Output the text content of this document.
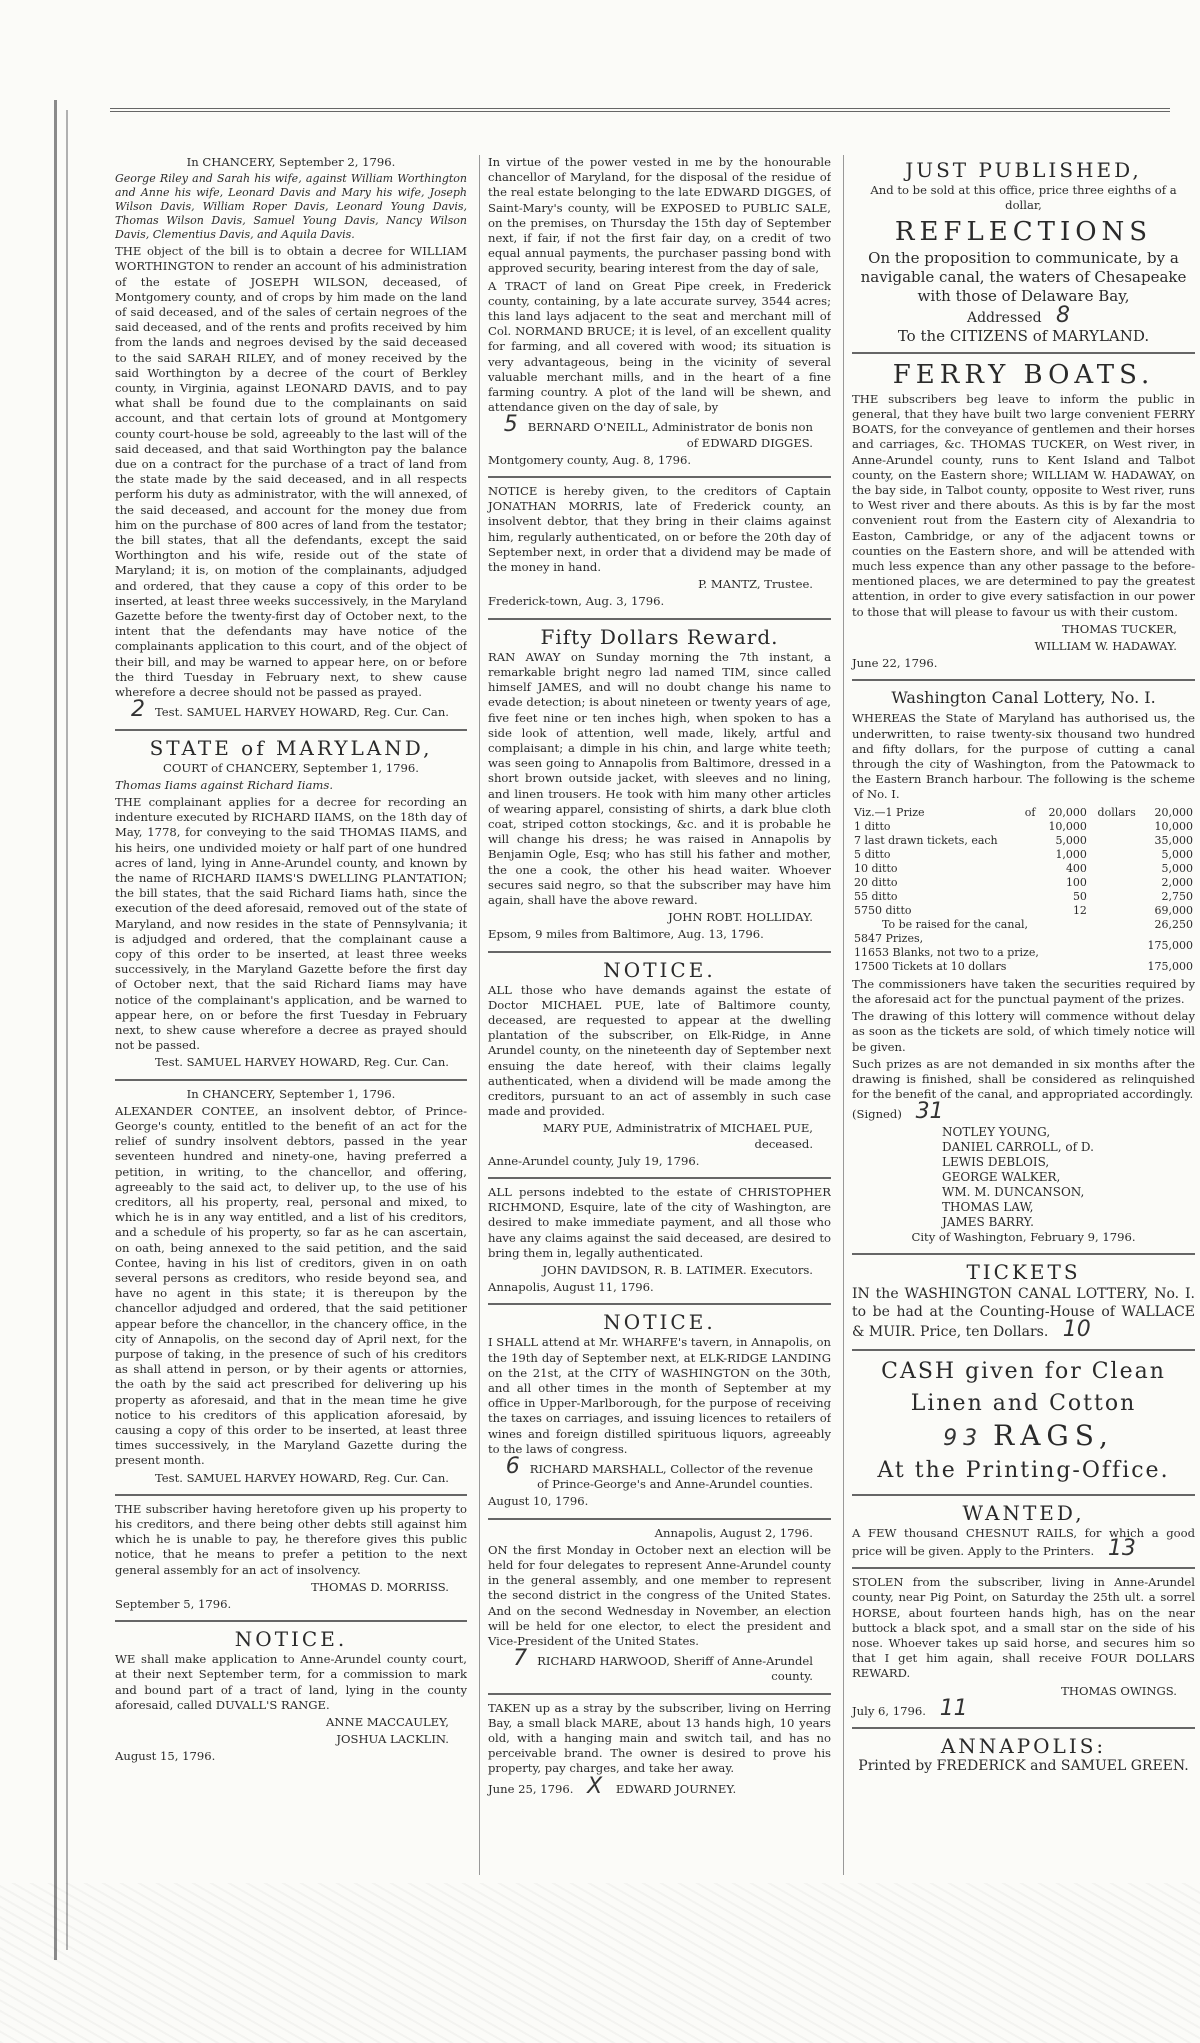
In CHANCERY, September 2, 1796.

George Riley and Sarah his wife, against William Worthington and Anne his wife, Leonard Davis and Mary his wife, Joseph Wilson Davis, William Roper Davis, Leonard Young Davis, Thomas Wilson Davis, Samuel Young Davis, Nancy Wilson Davis, Clementius Davis, and Aquila Davis.

THE object of the bill is to obtain a decree for WILLIAM WORTHINGTON to render an account of his administration of the estate of JOSEPH WILSON, deceased, of Montgomery county, and of crops by him made on the land of said deceased, and of the sales of certain negroes of the said deceased, and of the rents and profits received by him from the lands and negroes devised by the said deceased to the said SARAH RILEY, and of money received by the said Worthington by a decree of the court of Berkley county, in Virginia, against LEONARD DAVIS, and to pay what shall be found due to the complainants on said account, and that certain lots of ground at Montgomery county court-house be sold, agreeably to the last will of the said deceased, and that said Worthington pay the balance due on a contract for the purchase of a tract of land from the state made by the said deceased, and in all respects perform his duty as administrator, with the will annexed, of the said deceased, and account for the money due from him on the purchase of 800 acres of land from the testator; the bill states, that all the defendants, except the said Worthington and his wife, reside out of the state of Maryland; it is, on motion of the complainants, adjudged and ordered, that they cause a copy of this order to be inserted, at least three weeks successively, in the Maryland Gazette before the twenty-first day of October next, to the intent that the defendants may have notice of the complainants application to this court, and of the object of their bill, and may be warned to appear here, on or before the third Tuesday in February next, to shew cause wherefore a decree should not be passed as prayed.

2 Test. SAMUEL HARVEY HOWARD, Reg. Cur. Can.

STATE of MARYLAND,

COURT of CHANCERY, September 1, 1796.

Thomas Iiams against Richard Iiams.

THE complainant applies for a decree for recording an indenture executed by RICHARD IIAMS, on the 18th day of May, 1778, for conveying to the said THOMAS IIAMS, and his heirs, one undivided moiety or half part of one hundred acres of land, lying in Anne-Arundel county, and known by the name of RICHARD IIAMS'S DWELLING PLANTATION; the bill states, that the said Richard Iiams hath, since the execution of the deed aforesaid, removed out of the state of Maryland, and now resides in the state of Pennsylvania; it is adjudged and ordered, that the complainant cause a copy of this order to be inserted, at least three weeks successively, in the Maryland Gazette before the first day of October next, that the said Richard Iiams may have notice of the complainant's application, and be warned to appear here, on or before the first Tuesday in February next, to shew cause wherefore a decree as prayed should not be passed.

Test. SAMUEL HARVEY HOWARD, Reg. Cur. Can.

In CHANCERY, September 1, 1796.

ALEXANDER CONTEE, an insolvent debtor, of Prince-George's county, entitled to the benefit of an act for the relief of sundry insolvent debtors, passed in the year seventeen hundred and ninety-one, having preferred a petition, in writing, to the chancellor, and offering, agreeably to the said act, to deliver up, to the use of his creditors, all his property, real, personal and mixed, to which he is in any way entitled, and a list of his creditors, and a schedule of his property, so far as he can ascertain, on oath, being annexed to the said petition, and the said Contee, having in his list of creditors, given in on oath several persons as creditors, who reside beyond sea, and have no agent in this state; it is thereupon by the chancellor adjudged and ordered, that the said petitioner appear before the chancellor, in the chancery office, in the city of Annapolis, on the second day of April next, for the purpose of taking, in the presence of such of his creditors as shall attend in person, or by their agents or attornies, the oath by the said act prescribed for delivering up his property as aforesaid, and that in the mean time he give notice to his creditors of this application aforesaid, by causing a copy of this order to be inserted, at least three times successively, in the Maryland Gazette during the present month.

Test. SAMUEL HARVEY HOWARD, Reg. Cur. Can.

THE subscriber having heretofore given up his property to his creditors, and there being other debts still against him which he is unable to pay, he therefore gives this public notice, that he means to prefer a petition to the next general assembly for an act of insolvency.

THOMAS D. MORRISS.

September 5, 1796.

NOTICE.

WE shall make application to Anne-Arundel county court, at their next September term, for a commission to mark and bound part of a tract of land, lying in the county aforesaid, called DUVALL'S RANGE.

ANNE MACCAULEY,

JOSHUA LACKLIN.

August 15, 1796.

In virtue of the power vested in me by the honourable chancellor of Maryland, for the disposal of the residue of the real estate belonging to the late EDWARD DIGGES, of Saint-Mary's county, will be EXPOSED to PUBLIC SALE, on the premises, on Thursday the 15th day of September next, if fair, if not the first fair day, on a credit of two equal annual payments, the purchaser passing bond with approved security, bearing interest from the day of sale,

A TRACT of land on Great Pipe creek, in Frederick county, containing, by a late accurate survey, 3544 acres; this land lays adjacent to the seat and merchant mill of Col. NORMAND BRUCE; it is level, of an excellent quality for farming, and all covered with wood; its situation is very advantageous, being in the vicinity of several valuable merchant mills, and in the heart of a fine farming country. A plot of the land will be shewn, and attendance given on the day of sale, by

5 BERNARD O'NEILL, Administrator de bonis non of EDWARD DIGGES.

Montgomery county, Aug. 8, 1796.

NOTICE is hereby given, to the creditors of Captain JONATHAN MORRIS, late of Frederick county, an insolvent debtor, that they bring in their claims against him, regularly authenticated, on or before the 20th day of September next, in order that a dividend may be made of the money in hand.

P. MANTZ, Trustee.

Frederick-town, Aug. 3, 1796.

Fifty Dollars Reward.

RAN AWAY on Sunday morning the 7th instant, a remarkable bright negro lad named TIM, since called himself JAMES, and will no doubt change his name to evade detection; is about nineteen or twenty years of age, five feet nine or ten inches high, when spoken to has a side look of attention, well made, likely, artful and complaisant; a dimple in his chin, and large white teeth; was seen going to Annapolis from Baltimore, dressed in a short brown outside jacket, with sleeves and no lining, and linen trousers. He took with him many other articles of wearing apparel, consisting of shirts, a dark blue cloth coat, striped cotton stockings, &c. and it is probable he will change his dress; he was raised in Annapolis by Benjamin Ogle, Esq; who has still his father and mother, the one a cook, the other his head waiter. Whoever secures said negro, so that the subscriber may have him again, shall have the above reward.

JOHN ROBT. HOLLIDAY.

Epsom, 9 miles from Baltimore, Aug. 13, 1796.

NOTICE.

ALL those who have demands against the estate of Doctor MICHAEL PUE, late of Baltimore county, deceased, are requested to appear at the dwelling plantation of the subscriber, on Elk-Ridge, in Anne Arundel county, on the nineteenth day of September next ensuing the date hereof, with their claims legally authenticated, when a dividend will be made among the creditors, pursuant to an act of assembly in such case made and provided.

MARY PUE, Administratrix of MICHAEL PUE, deceased.

Anne-Arundel county, July 19, 1796.

ALL persons indebted to the estate of CHRISTOPHER RICHMOND, Esquire, late of the city of Washington, are desired to make immediate payment, and all those who have any claims against the said deceased, are desired to bring them in, legally authenticated.

JOHN DAVIDSON, R. B. LATIMER. Executors.

Annapolis, August 11, 1796.

NOTICE.

I SHALL attend at Mr. WHARFE's tavern, in Annapolis, on the 19th day of September next, at ELK-RIDGE LANDING on the 21st, at the CITY of WASHINGTON on the 30th, and all other times in the month of September at my office in Upper-Marlborough, for the purpose of receiving the taxes on carriages, and issuing licences to retailers of wines and foreign distilled spirituous liquors, agreeably to the laws of congress.

6 RICHARD MARSHALL, Collector of the revenue of Prince-George's and Anne-Arundel counties.

August 10, 1796.

Annapolis, August 2, 1796.

ON the first Monday in October next an election will be held for four delegates to represent Anne-Arundel county in the general assembly, and one member to represent the second district in the congress of the United States. And on the second Wednesday in November, an election will be held for one elector, to elect the president and Vice-President of the United States.

7 RICHARD HARWOOD, Sheriff of Anne-Arundel county.

TAKEN up as a stray by the subscriber, living on Herring Bay, a small black MARE, about 13 hands high, 10 years old, with a hanging main and switch tail, and has no perceivable brand. The owner is desired to prove his property, pay charges, and take her away.

June 25, 1796. X EDWARD JOURNEY.

JUST PUBLISHED,

And to be sold at this office, price three eighths of a dollar,

REFLECTIONS

On the proposition to communicate, by a navigable canal, the waters of Chesapeake with those of Delaware Bay,

Addressed 8

To the CITIZENS of MARYLAND.

FERRY BOATS.

THE subscribers beg leave to inform the public in general, that they have built two large convenient FERRY BOATS, for the conveyance of gentlemen and their horses and carriages, &c. THOMAS TUCKER, on West river, in Anne-Arundel county, runs to Kent Island and Talbot county, on the Eastern shore; WILLIAM W. HADAWAY, on the bay side, in Talbot county, opposite to West river, runs to West river and there abouts. As this is by far the most convenient rout from the Eastern city of Alexandria to Easton, Cambridge, or any of the adjacent towns or counties on the Eastern shore, and will be attended with much less expence than any other passage to the before-mentioned places, we are determined to pay the greatest attention, in order to give every satisfaction in our power to those that will please to favour us with their custom.

THOMAS TUCKER,

WILLIAM W. HADAWAY.

June 22, 1796.

Washington Canal Lottery, No. I.

WHEREAS the State of Maryland has authorised us, the underwritten, to raise twenty-six thousand two hundred and fifty dollars, for the purpose of cutting a canal through the city of Washington, from the Patowmack to the Eastern Branch harbour. The following is the scheme of No. I.

Viz.—1 Prize	of	20,000	dollars	20,000
1 ditto		10,000		10,000
7 last drawn tickets, each		5,000		35,000
5 ditto		1,000		5,000
10 ditto		400		5,000
20 ditto		100		2,000
55 ditto		50		2,750
5750 ditto		12		69,000
To be raised for the canal,				26,250
5847 Prizes,				175,000
11653 Blanks, not two to a prize,				
17500 Tickets at 10 dollars				175,000

The commissioners have taken the securities required by the aforesaid act for the punctual payment of the prizes.

The drawing of this lottery will commence without delay as soon as the tickets are sold, of which timely notice will be given.

Such prizes as are not demanded in six months after the drawing is finished, shall be considered as relinquished for the benefit of the canal, and appropriated accordingly.

(Signed) 31

NOTLEY YOUNG,
DANIEL CARROLL, of D.
LEWIS DEBLOIS,
GEORGE WALKER,
WM. M. DUNCANSON,
THOMAS LAW,
JAMES BARRY.

City of Washington, February 9, 1796.

TICKETS

IN the WASHINGTON CANAL LOTTERY, No. I. to be had at the Counting-House of WALLACE & MUIR. Price, ten Dollars. 10

CASH given for Clean

Linen and Cotton

93 RAGS,

At the Printing-Office.

WANTED,

A FEW thousand CHESNUT RAILS, for which a good price will be given. Apply to the Printers. 13

STOLEN from the subscriber, living in Anne-Arundel county, near Pig Point, on Saturday the 25th ult. a sorrel HORSE, about fourteen hands high, has on the near buttock a black spot, and a small star on the side of his nose. Whoever takes up said horse, and secures him so that I get him again, shall receive FOUR DOLLARS REWARD.

THOMAS OWINGS.

July 6, 1796. 11

ANNAPOLIS:

Printed by FREDERICK and SAMUEL GREEN.
